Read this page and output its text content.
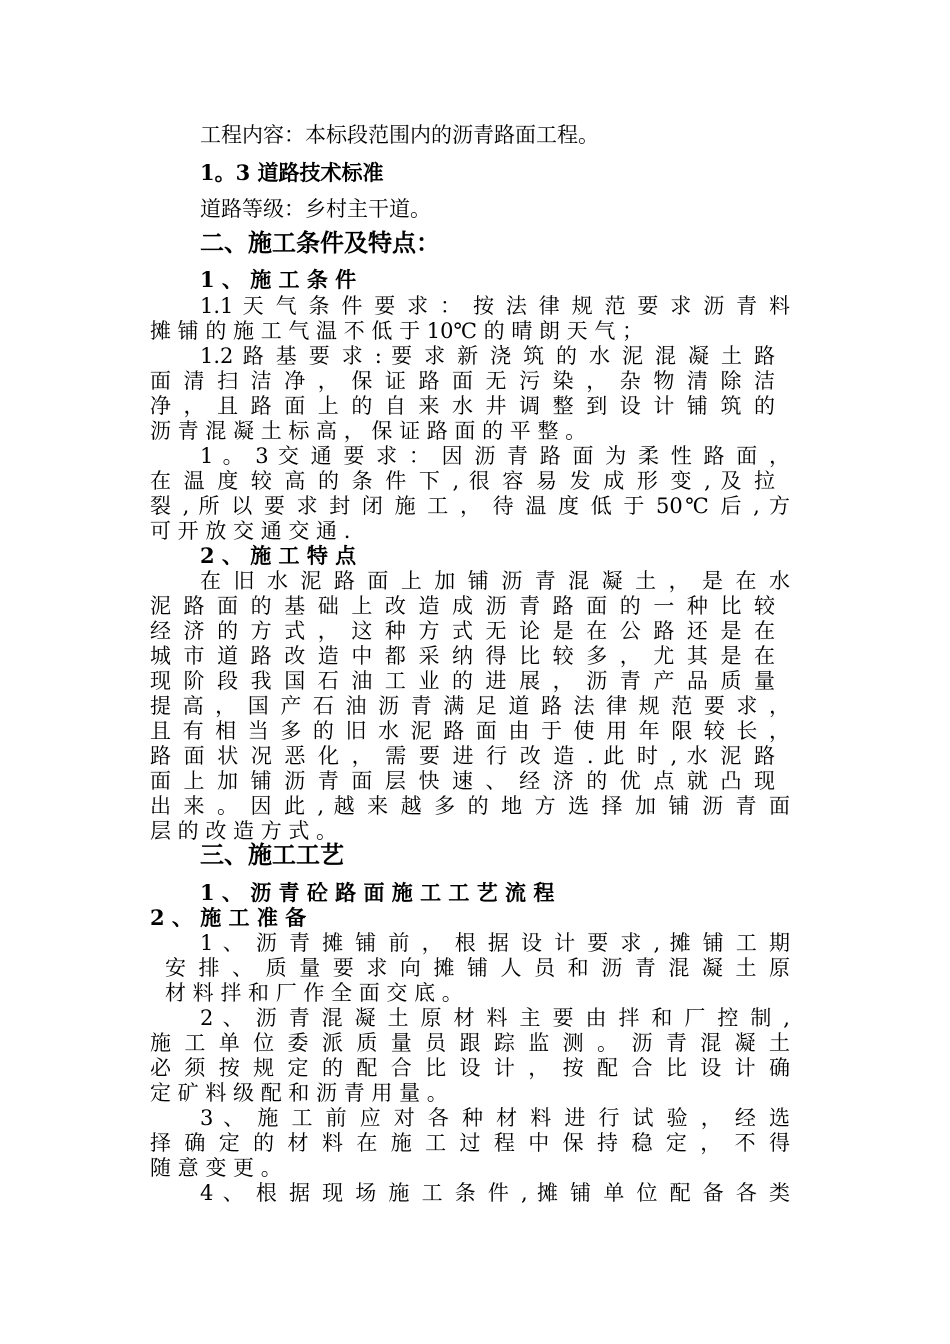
工程内容：本标段范围内的沥青路面工程。
1。3 道路技术标准
道路等级：乡村主干道。
二、施工条件及特点：
1 、 施 工 条 件
1.1 天 气 条 件 要 求 ： 按 法 律 规 范 要 求 沥 青 料
摊 铺 的 施 工 气 温 不 低 于 10℃ 的 晴 朗 天 气 ；
1.2 路 基 要 求 : 要 求 新 浇 筑 的 水 泥 混 凝 土 路
面 清 扫 洁 净 ， 保 证 路 面 无 污 染 ， 杂 物 清 除 洁
净 ， 且 路 面 上 的 自 来 水 井 调 整 到 设 计 铺 筑 的
沥 青 混 凝 土 标 高 ， 保 证 路 面 的 平 整 。
1 。 3 交 通 要 求 ： 因 沥 青 路 面 为 柔 性 路 面 ，
在 温 度 较 高 的 条 件 下 , 很 容 易 发 成 形 变 , 及 拉
裂 , 所 以 要 求 封 闭 施 工 ， 待 温 度 低 于 50℃ 后 , 方
可 开 放 交 通 交 通 .
2 、 施 工 特 点
在 旧 水 泥 路 面 上 加 铺 沥 青 混 凝 土 ， 是 在 水
泥 路 面 的 基 础 上 改 造 成 沥 青 路 面 的 一 种 比 较
经 济 的 方 式 ， 这 种 方 式 无 论 是 在 公 路 还 是 在
城 市 道 路 改 造 中 都 采 纳 得 比 较 多 ， 尤 其 是 在
现 阶 段 我 国 石 油 工 业 的 进 展 ， 沥 青 产 品 质 量
提 高 ， 国 产 石 油 沥 青 满 足 道 路 法 律 规 范 要 求 ，
且 有 相 当 多 的 旧 水 泥 路 面 由 于 使 用 年 限 较 长 ，
路 面 状 况 恶 化 ， 需 要 进 行 改 造 . 此 时 , 水 泥 路
面 上 加 铺 沥 青 面 层 快 速 、 经 济 的 优 点 就 凸 现
出 来 。 因 此 , 越 来 越 多 的 地 方 选 择 加 铺 沥 青 面
层 的 改 造 方 式 。
三、施工工艺
1 、 沥 青 砼 路 面 施 工 工 艺 流 程
2 、 施 工 准 备
1 、 沥 青 摊 铺 前 ， 根 据 设 计 要 求 , 摊 铺 工 期
安 排 、 质 量 要 求 向 摊 铺 人 员 和 沥 青 混 凝 土 原
材 料 拌 和 厂 作 全 面 交 底 。
2 、 沥 青 混 凝 土 原 材 料 主 要 由 拌 和 厂 控 制 ,
施 工 单 位 委 派 质 量 员 跟 踪 监 测 。 沥 青 混 凝 土
必 须 按 规 定 的 配 合 比 设 计 ， 按 配 合 比 设 计 确
定 矿 料 级 配 和 沥 青 用 量 。
3 、 施 工 前 应 对 各 种 材 料 进 行 试 验 ， 经 选
择 确 定 的 材 料 在 施 工 过 程 中 保 持 稳 定 ， 不 得
随 意 变 更 。
4 、 根 据 现 场 施 工 条 件 , 摊 铺 单 位 配 备 各 类
